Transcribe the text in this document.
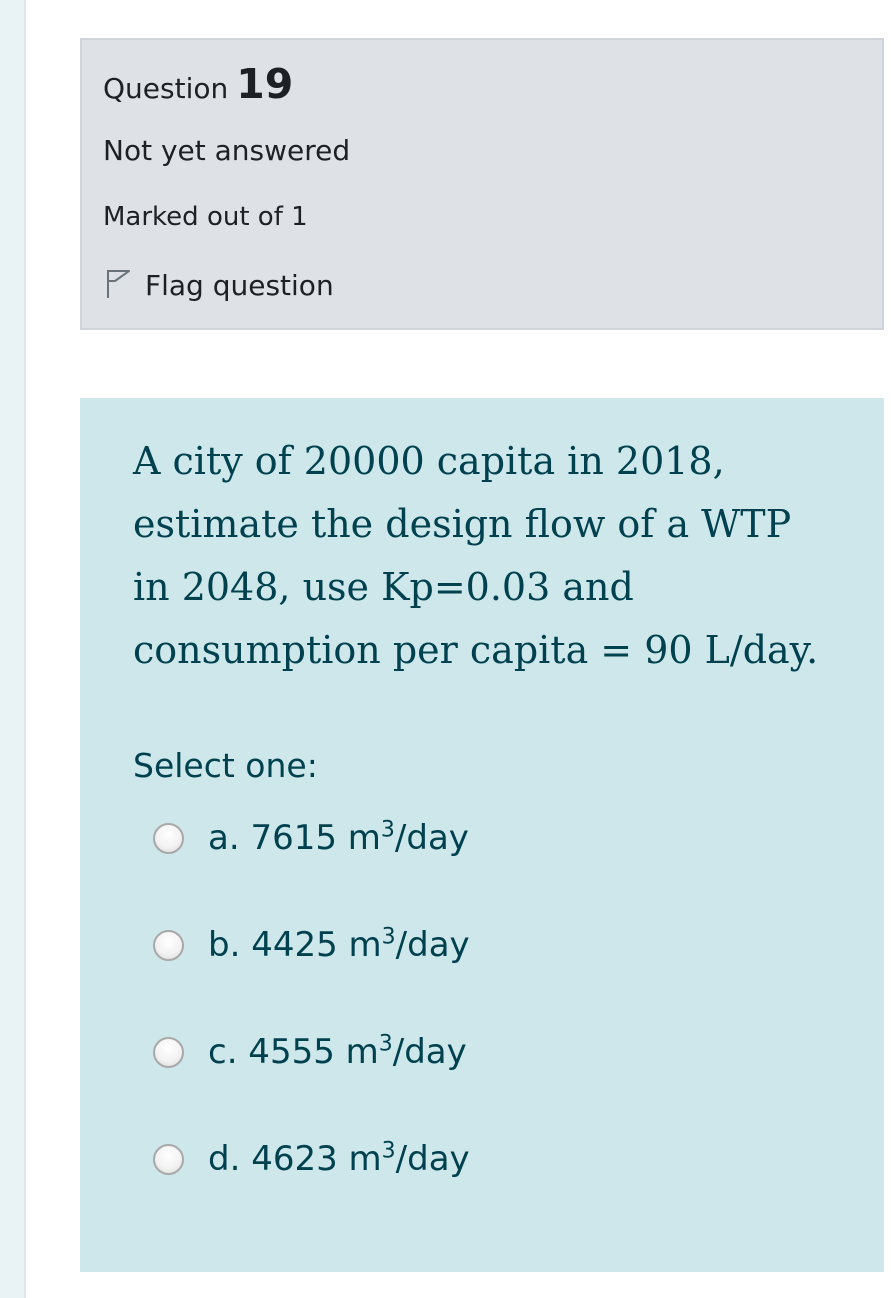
Question 19
Not yet answered
Marked out of 1
Flag question
A city of 20000 capita in 2018,
estimate the design flow of a WTP
in 2048, use Kp=0.03 and
consumption per capita = 90 L/day.
Select one:
a. 7615 $m^3$/day
b. 4425 $m^3$/day
c. 4555 $m^3$/day
d. 4623 $m^3$/day
